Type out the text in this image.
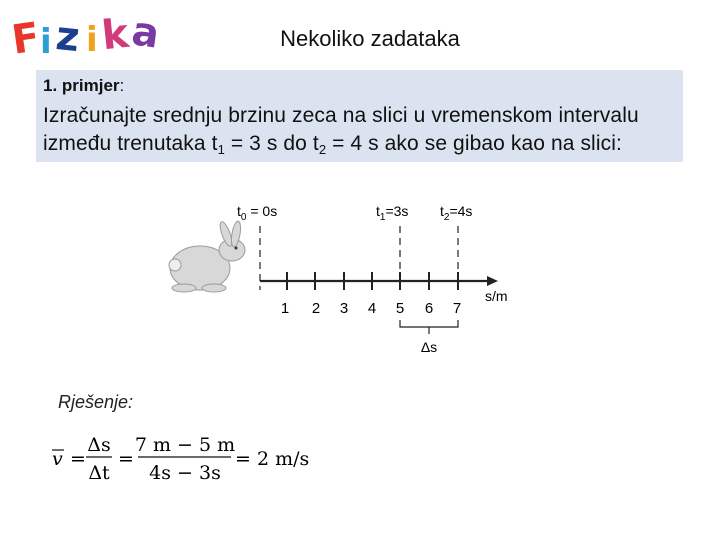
F
i z i k
a	Nekoliko zadataka
1. primjer:
Izračunajte srednju brzinu zeca na slici u vremenskom intervalu
između trenutaka $t_1 = 3$ s do $t_2 = 4$ s ako se gibao kao na slici:
$t_0 = 0s$	$t_1=3s$ $t_2=4s$
1 2 3 4 5 6 7
s/m
Δs
v =
Δs
Δt
=
7 m − 5 m
4s − 3s
= 2 m/s
Rješenje:
